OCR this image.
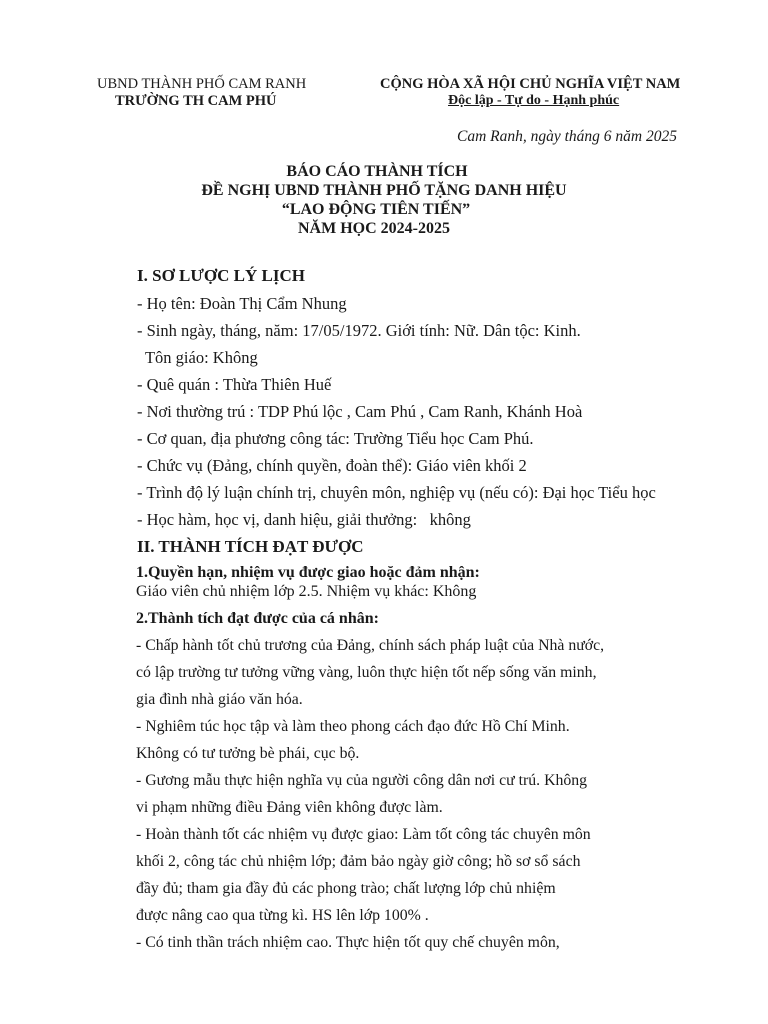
UBND THÀNH PHỐ CAM RANH
TRƯỜNG TH CAM PHÚ
CỘNG HÒA XÃ HỘI CHỦ NGHĨA VIỆT NAM
Độc lập - Tự do - Hạnh phúc
Cam Ranh, ngày tháng 6 năm 2025
BÁO CÁO THÀNH TÍCH
ĐỀ NGHỊ UBND THÀNH PHỐ TẶNG DANH HIỆU
“LAO ĐỘNG TIÊN TIẾN”
NĂM HỌC 2024-2025
I. SƠ LƯỢC LÝ LỊCH
- Họ tên: Đoàn Thị Cẩm Nhung
- Sinh ngày, tháng, năm: 17/05/1972. Giới tính: Nữ. Dân tộc: Kinh.
Tôn giáo: Không
- Quê quán : Thừa Thiên Huế
- Nơi thường trú : TDP Phú lộc , Cam Phú , Cam Ranh, Khánh Hoà
- Cơ quan, địa phương công tác: Trường Tiểu học Cam Phú.
- Chức vụ (Đảng, chính quyền, đoàn thể): Giáo viên khối 2
- Trình độ lý luận chính trị, chuyên môn, nghiệp vụ (nếu có): Đại học Tiểu học
- Học hàm, học vị, danh hiệu, giải thưởng:   không
II. THÀNH TÍCH ĐẠT ĐƯỢC
1.Quyền hạn, nhiệm vụ được giao hoặc đảm nhận:
Giáo viên chủ nhiệm lớp 2.5. Nhiệm vụ khác: Không
2.Thành tích đạt được của cá nhân:
- Chấp hành tốt chủ trương của Đảng, chính sách pháp luật của Nhà nước,
có lập trường tư tưởng vững vàng, luôn thực hiện tốt nếp sống văn minh,
gia đình nhà giáo văn hóa.
- Nghiêm túc học tập và làm theo phong cách đạo đức Hồ Chí Minh.
Không có tư tưởng bè phái, cục bộ.
- Gương mẫu thực hiện nghĩa vụ của người công dân nơi cư trú. Không
vi phạm những điều Đảng viên không được làm.
- Hoàn thành tốt các nhiệm vụ được giao: Làm tốt công tác chuyên môn
khối 2, công tác chủ nhiệm lớp; đảm bảo ngày giờ công; hồ sơ sổ sách
đầy đủ; tham gia đầy đủ các phong trào; chất lượng lớp chủ nhiệm
được nâng cao qua từng kì. HS lên lớp 100% .
- Có tinh thần trách nhiệm cao. Thực hiện tốt quy chế chuyên môn,
